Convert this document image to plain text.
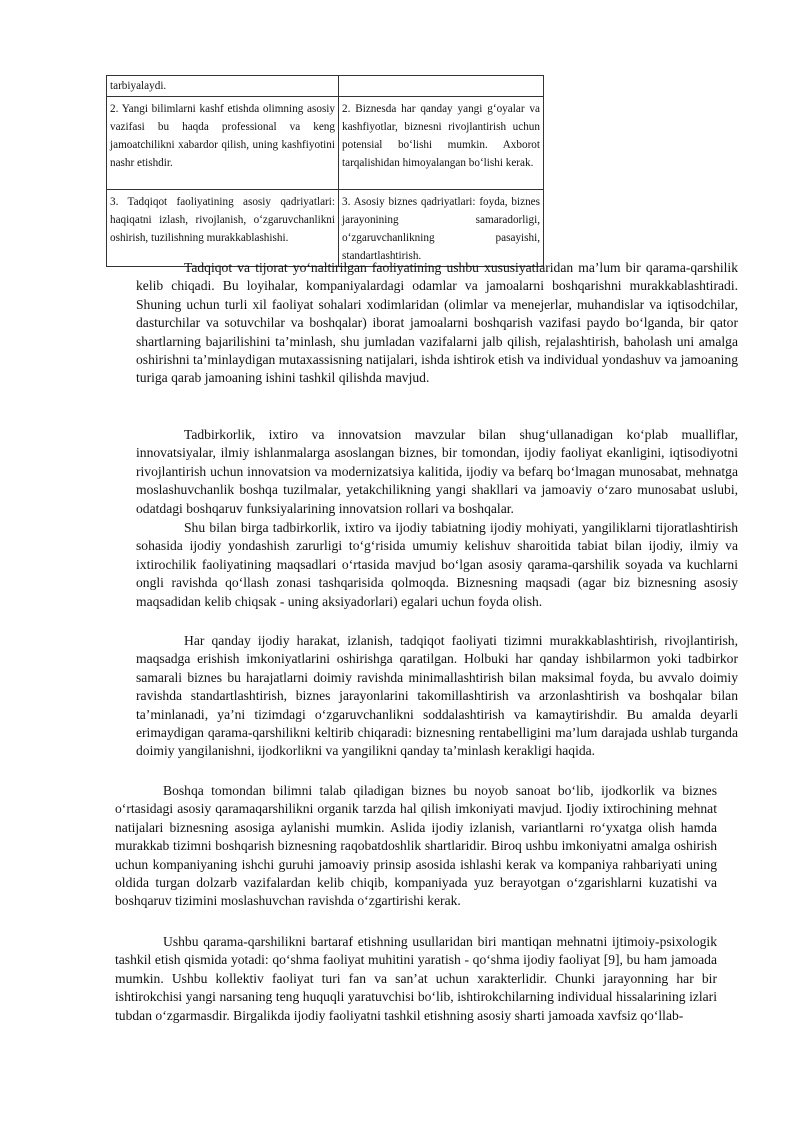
tarbiyalaydi.	
2. Yangi bilimlarni kashf etishda olimning asosiy vazifasi bu haqda professional va keng jamoatchilikni xabardor qilish, uning kashfiyotini nashr etishdir.	2. Biznesda har qanday yangi g‘oyalar va kashfiyotlar, biznesni rivojlantirish uchun potensial bo‘lishi mumkin. Axborot tarqalishidan himoyalangan bo‘lishi kerak.
3. Tadqiqot faoliyatining asosiy qadriyatlari: haqiqatni izlash, rivojlanish, o‘zgaruvchanlikni oshirish, tuzilishning murakkablashishi.	3. Asosiy biznes qadriyatlari: foyda, biznes jarayonining samaradorligi, o‘zgaruvchanlikning pasayishi, standartlashtirish.

Tadqiqot va tijorat yo‘naltirilgan faoliyatining ushbu xususiyatlaridan ma’lum bir qarama-qarshilik kelib chiqadi. Bu loyihalar, kompaniyalardagi odamlar va jamoalarni boshqarishni murakkablashtiradi. Shuning uchun turli xil faoliyat sohalari xodimlaridan (olimlar va menejerlar, muhandislar va iqtisodchilar, dasturchilar va sotuvchilar va boshqalar) iborat jamoalarni boshqarish vazifasi paydo bo‘lganda, bir qator shartlarning bajarilishini ta’minlash, shu jumladan vazifalarni jalb qilish, rejalashtirish, baholash uni amalga oshirishni ta’minlaydigan mutaxassisning natijalari, ishda ishtirok etish va individual yondashuv va jamoaning turiga qarab jamoaning ishini tashkil qilishda mavjud.

Tadbirkorlik, ixtiro va innovatsion mavzular bilan shug‘ullanadigan ko‘plab mualliflar, innovatsiyalar, ilmiy ishlanmalarga asoslangan biznes, bir tomondan, ijodiy faoliyat ekanligini, iqtisodiyotni rivojlantirish uchun innovatsion va modernizatsiya kalitida, ijodiy va befarq bo‘lmagan munosabat, mehnatga moslashuvchanlik boshqa tuzilmalar, yetakchilikning yangi shakllari va jamoaviy o‘zaro munosabat uslubi, odatdagi boshqaruv funksiyalarining innovatsion rollari va boshqalar.

Shu bilan birga tadbirkorlik, ixtiro va ijodiy tabiatning ijodiy mohiyati, yangiliklarni tijoratlashtirish sohasida ijodiy yondashish zarurligi to‘g‘risida umumiy kelishuv sharoitida tabiat bilan ijodiy, ilmiy va ixtirochilik faoliyatining maqsadlari o‘rtasida mavjud bo‘lgan asosiy qarama-qarshilik soyada va kuchlarni ongli ravishda qo‘llash zonasi tashqarisida qolmoqda. Biznesning maqsadi (agar biz biznesning asosiy maqsadidan kelib chiqsak - uning aksiyadorlari) egalari uchun foyda olish.

Har qanday ijodiy harakat, izlanish, tadqiqot faoliyati tizimni murakkablashtirish, rivojlantirish, maqsadga erishish imkoniyatlarini oshirishga qaratilgan. Holbuki har qanday ishbilarmon yoki tadbirkor samarali biznes bu harajatlarni doimiy ravishda minimallashtirish bilan maksimal foyda, bu avvalo doimiy ravishda standartlashtirish, biznes jarayonlarini takomillashtirish va arzonlashtirish va boshqalar bilan ta’minlanadi, ya’ni tizimdagi o‘zgaruvchanlikni soddalashtirish va kamaytirishdir. Bu amalda deyarli erimaydigan qarama-qarshilikni keltirib chiqaradi: biznesning rentabelligini ma’lum darajada ushlab turganda doimiy yangilanishni, ijodkorlikni va yangilikni qanday ta’minlash kerakligi haqida.

Boshqa tomondan bilimni talab qiladigan biznes bu noyob sanoat bo‘lib, ijodkorlik va biznes o‘rtasidagi asosiy qaramaqarshilikni organik tarzda hal qilish imkoniyati mavjud. Ijodiy ixtirochining mehnat natijalari biznesning asosiga aylanishi mumkin. Aslida ijodiy izlanish, variantlarni ro‘yxatga olish hamda murakkab tizimni boshqarish biznesning raqobatdoshlik shartlaridir. Biroq ushbu imkoniyatni amalga oshirish uchun kompaniyaning ishchi guruhi jamoaviy prinsip asosida ishlashi kerak va kompaniya rahbariyati uning oldida turgan dolzarb vazifalardan kelib chiqib, kompaniyada yuz berayotgan o‘zgarishlarni kuzatishi va boshqaruv tizimini moslashuvchan ravishda o‘zgartirishi kerak.

Ushbu qarama-qarshilikni bartaraf etishning usullaridan biri mantiqan mehnatni ijtimoiy-psixologik tashkil etish qismida yotadi: qo‘shma faoliyat muhitini yaratish - qo‘shma ijodiy faoliyat [9], bu ham jamoada mumkin. Ushbu kollektiv faoliyat turi fan va san’at uchun xarakterlidir. Chunki jarayonning har bir ishtirokchisi yangi narsaning teng huquqli yaratuvchisi bo‘lib, ishtirokchilarning individual hissalarining izlari tubdan o‘zgarmasdir. Birgalikda ijodiy faoliyatni tashkil etishning asosiy sharti jamoada xavfsiz qo‘llab-
